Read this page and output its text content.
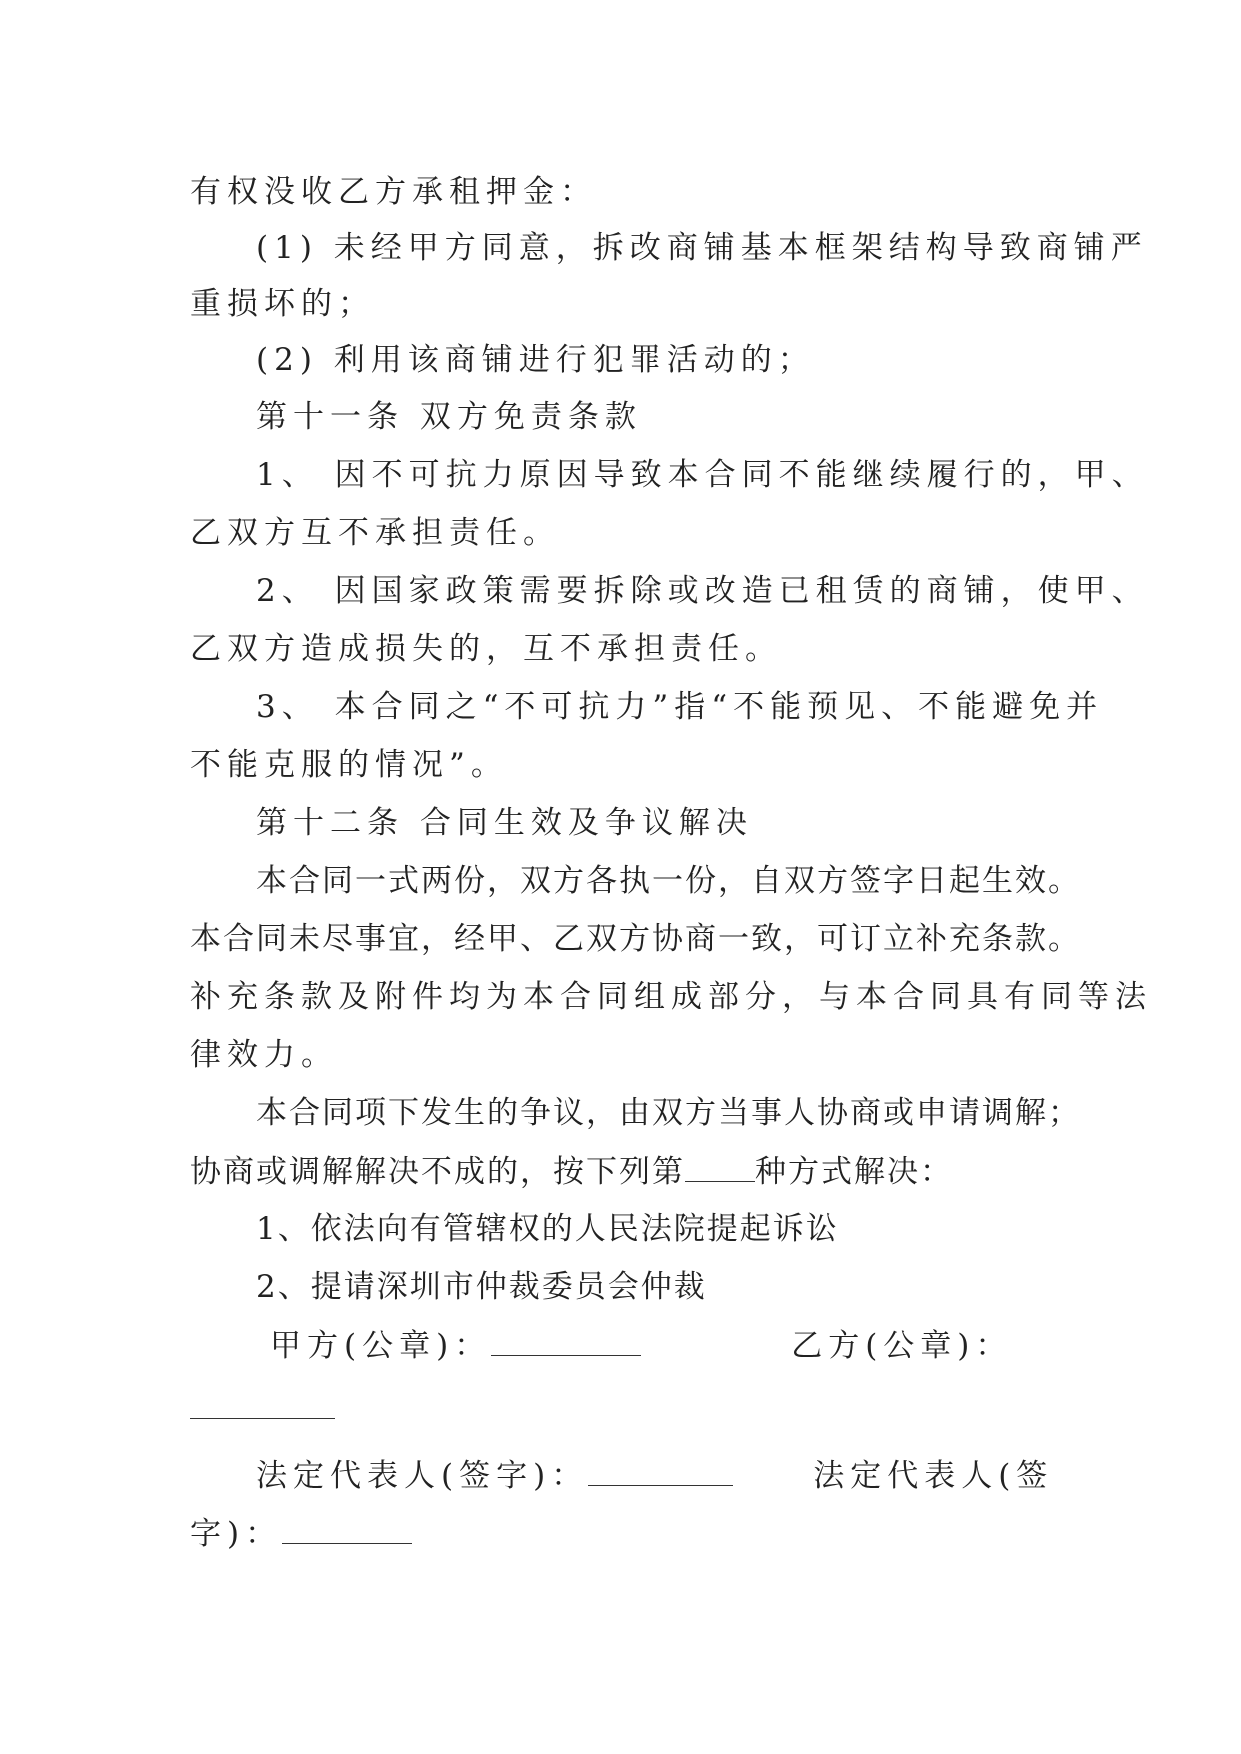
有权没收乙方承租押金：

(1) 未经甲方同意，拆改商铺基本框架结构导致商铺严

重损坏的；

(2) 利用该商铺进行犯罪活动的；

第十一条 双方免责条款

1、 因不可抗力原因导致本合同不能继续履行的，甲、

乙双方互不承担责任。

2、 因国家政策需要拆除或改造已租赁的商铺，使甲、

乙双方造成损失的，互不承担责任。

3、 本合同之“不可抗力”指“不能预见、不能避免并

不能克服的情况”。

第十二条 合同生效及争议解决

本合同一式两份，双方各执一份，自双方签字日起生效。

本合同未尽事宜，经甲、乙双方协商一致，可订立补充条款。

补充条款及附件均为本合同组成部分，与本合同具有同等法

律效力。

本合同项下发生的争议，由双方当事人协商或申请调解；

协商或调解解决不成的，按下列第 种方式解决：

1、依法向有管辖权的人民法院提起诉讼

2、提请深圳市仲裁委员会仲裁

甲方(公章)：	乙方(公章)：

法定代表人(签字)：	法定代表人(签

字)：
